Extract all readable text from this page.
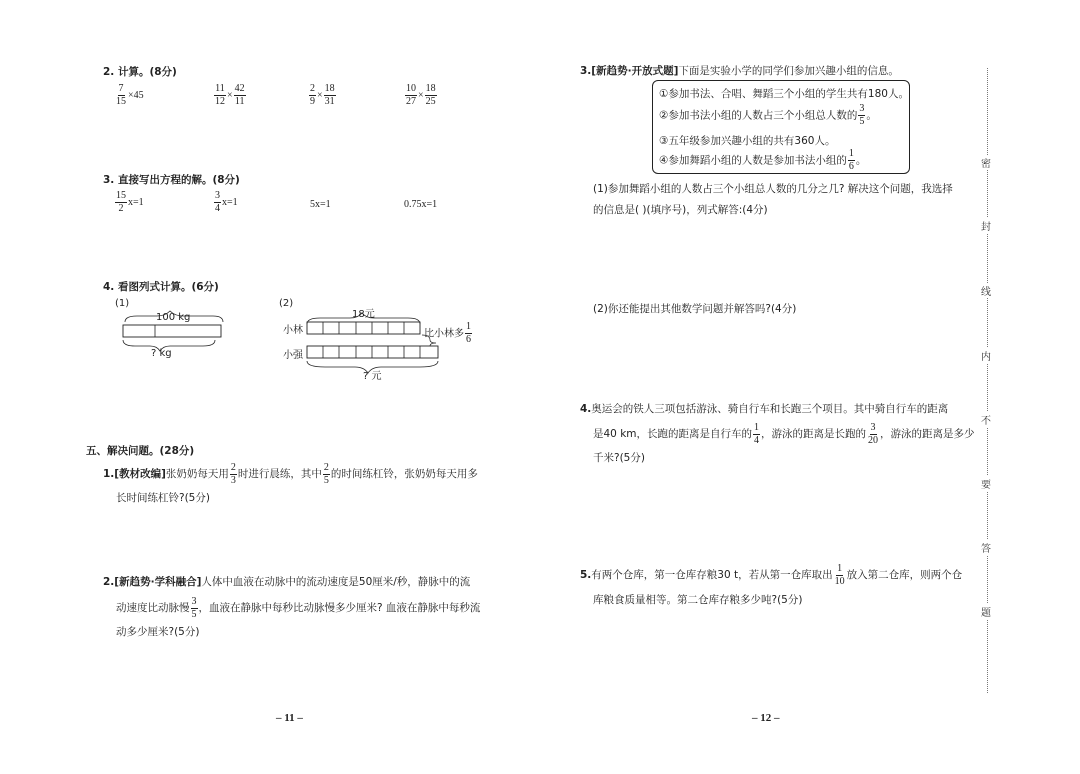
2. 计算。(8分)
$\frac{7}{15} \times 45$	$\frac{11}{12} \times \frac{42}{11}$	$\frac{2}{9} \times \frac{18}{31}$	$\frac{10}{27} \times \frac{18}{25}$
3. 直接写出方程的解。(8分)
$\frac{15}{2} x=1$	$\frac{3}{4} x=1$	5x=1	0.75x=1
4. 看图列式计算。(6分)
(1)
100 kg
? kg
(2)
18元
小林
小强
比小林多 $\frac{1}{6}$
? 元
五、解决问题。(28分)
1.[教材改编]张奶奶每天用 $\frac{2}{3}$ 时进行晨练，其中 $\frac{2}{5}$ 的时间练杠铃，张奶奶每天用多
长时间练杠铃?(5分)
2.[新趋势·学科融合]人体中血液在动脉中的流动速度是50厘米/秒，静脉中的流
动速度比动脉慢 $\frac{3}{5}$ ，血液在静脉中每秒比动脉慢多少厘米? 血液在静脉中每秒流
动多少厘米?(5分)
– 11 –
3.[新趋势·开放式题]下面是实验小学的同学们参加兴趣小组的信息。
①参加书法、合唱、舞蹈三个小组的学生共有180人。
②参加书法小组的人数占三个小组总人数的 $\frac{3}{5}$ 。
③五年级参加兴趣小组的共有360人。
④参加舞蹈小组的人数是参加书法小组的 $\frac{1}{6}$ 。
(1)参加舞蹈小组的人数占三个小组总人数的几分之几? 解决这个问题，我选择
的信息是( )(填序号)，列式解答:(4分)
(2)你还能提出其他数学问题并解答吗?(4分)
4.奥运会的铁人三项包括游泳、骑自行车和长跑三个项目。其中骑自行车的距离
是40 km，长跑的距离是自行车的 $\frac{1}{4}$ ，游泳的距离是长跑的 $\frac{3}{20}$ ，游泳的距离是多少
千米?(5分)
5.有两个仓库，第一仓库存粮30 t，若从第一仓库取出 $\frac{1}{10}$ 放入第二仓库，则两个仓
库粮食质量相等。第二仓库存粮多少吨?(5分)
– 12 –
密
封
线
内
不
要
答
题
